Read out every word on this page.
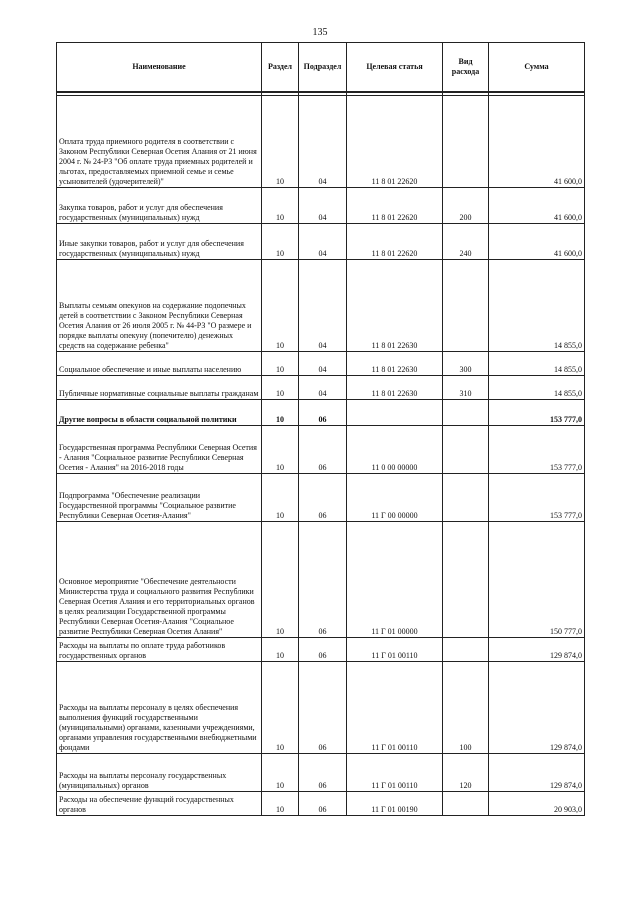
135
Наименование	Раздел	Подраздел	Целевая статья	Вид расхода	Сумма

Оплата труда приемного родителя в соответствии с Законом Республики Северная Осетия Алания от 21 июня 2004 г. № 24-РЗ "Об оплате труда приемных родителей и льготах, предоставляемых приемной семье и семье усыновителей (удочерителей)"	10	04	11 8 01 22620		41 600,0
Закупка товаров, работ и услуг для обеспечения государственных (муниципальных) нужд	10	04	11 8 01 22620	200	41 600,0
Иные закупки товаров, работ и услуг для обеспечения государственных (муниципальных) нужд	10	04	11 8 01 22620	240	41 600,0
Выплаты семьям опекунов на содержание подопечных детей в соответствии с Законом Республики Северная Осетия Алания от 26 июля 2005 г. № 44-РЗ "О размере и порядке выплаты опекуну (попечителю) денежных средств на содержание ребенка"	10	04	11 8 01 22630		14 855,0
Социальное обеспечение и иные выплаты населению	10	04	11 8 01 22630	300	14 855,0
Публичные нормативные социальные выплаты гражданам	10	04	11 8 01 22630	310	14 855,0
Другие вопросы в области социальной политики	10	06			153 777,0
Государственная программа Республики Северная Осетия - Алания "Социальное развитие Республики Северная Осетия - Алания" на 2016-2018 годы	10	06	11 0 00 00000		153 777,0
Подпрограмма "Обеспечение реализации Государственной программы "Социальное развитие Республики Северная Осетия-Алания"	10	06	11 Г 00 00000		153 777,0
Основное мероприятие "Обеспечение деятельности Министерства труда и социального развития Республики Северная Осетия Алания и его территориальных органов в целях реализации Государственной программы Республики Северная Осетия-Алания "Социальное развитие Республики Северная Осетия Алания"	10	06	11 Г 01 00000		150 777,0
Расходы на выплаты по оплате труда работников государственных органов	10	06	11 Г 01 00110		129 874,0
Расходы на выплаты персоналу в целях обеспечения выполнения функций государственными (муниципальными) органами, казенными учреждениями, органами управления государственными внебюджетными фондами	10	06	11 Г 01 00110	100	129 874,0
Расходы на выплаты персоналу государственных (муниципальных) органов	10	06	11 Г 01 00110	120	129 874,0
Расходы на обеспечение функций государственных органов	10	06	11 Г 01 00190		20 903,0
